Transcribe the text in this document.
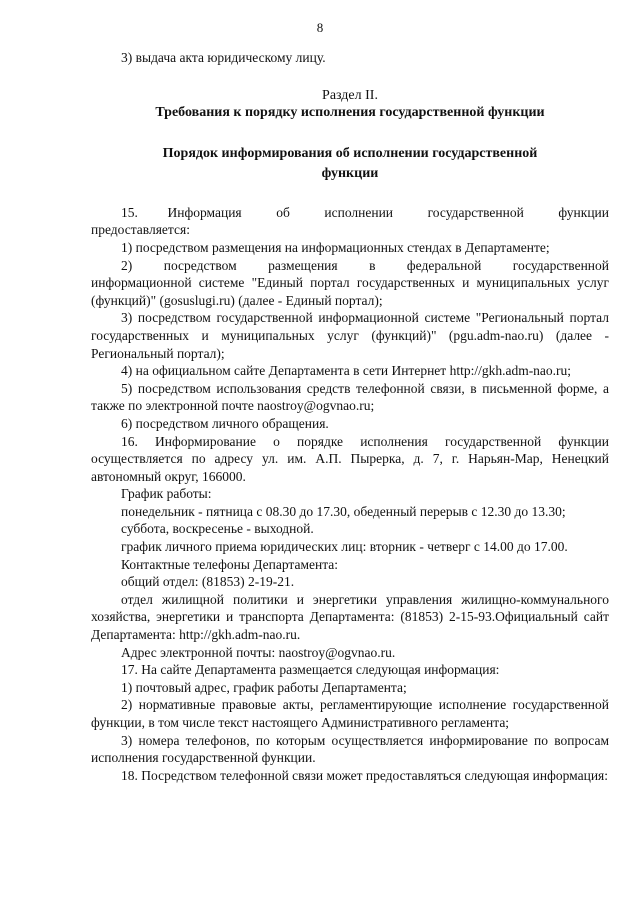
8

3) выдача акта юридическому лицу.

Раздел II.

Требования к порядку исполнения государственной функции

Порядок информирования об исполнении государственной

функции

15.      Информация       об       исполнении       государственной       функции

предоставляется:

1) посредством размещения на информационных стендах в Департаменте;

2)      посредством      размещения      в      федеральной      государственной

информационной системе "Единый портал государственных и муниципальных услуг (функций)" (gosuslugi.ru) (далее - Единый портал);

3) посредством государственной информационной системе "Региональный портал государственных и муниципальных услуг (функций)" (pgu.adm-nao.ru) (далее - Региональный портал);

4) на официальном сайте Департамента в сети Интернет http://gkh.adm-nao.ru;

5) посредством использования средств телефонной связи, в письменной форме, а также по электронной почте naostroy@ogvnao.ru;

6) посредством личного обращения.

16. Информирование о порядке исполнения государственной функции осуществляется по адресу ул. им. А.П. Пырерка, д. 7, г. Нарьян-Мар, Ненецкий автономный округ, 166000.

График работы:

понедельник - пятница с 08.30 до 17.30, обеденный перерыв с 12.30 до 13.30;

суббота, воскресенье - выходной.

график личного приема юридических лиц: вторник - четверг с 14.00 до 17.00.

Контактные телефоны Департамента:

общий отдел: (81853) 2-19-21.

отдел жилищной политики и энергетики управления жилищно-коммунального хозяйства, энергетики и транспорта Департамента: (81853) 2-15-93.Официальный сайт Департамента: http://gkh.adm-nao.ru.

Адрес электронной почты: naostroy@ogvnao.ru.

17. На сайте Департамента размещается следующая информация:

1) почтовый адрес, график работы Департамента;

2) нормативные правовые акты, регламентирующие исполнение государственной функции, в том числе текст настоящего Административного регламента;

3) номера телефонов, по которым осуществляется информирование по вопросам исполнения государственной функции.

18. Посредством телефонной связи может предоставляться следующая информация:
